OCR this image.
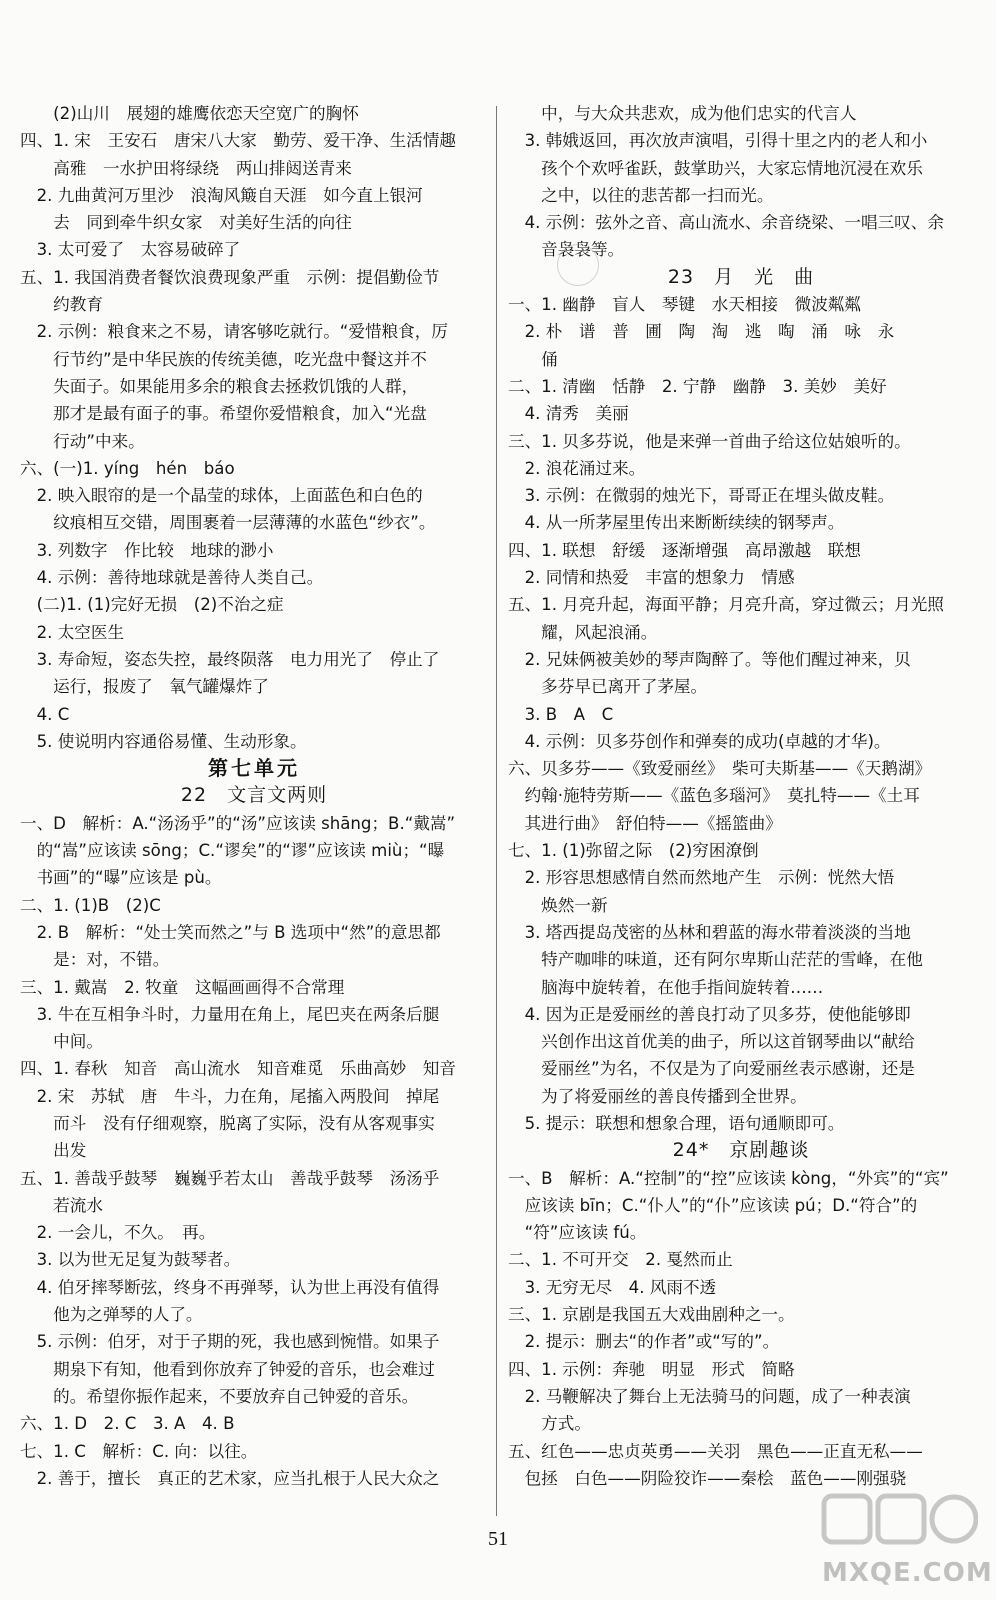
　　(2)山川　展翅的雄鹰依恋天空宽广的胸怀
四、1. 宋　王安石　唐宋八大家　勤劳、爱干净、生活情趣
　　高雅　一水护田将绿绕　两山排闼送青来
　2. 九曲黄河万里沙　浪淘风簸自天涯　如今直上银河
　　去　同到牵牛织女家　对美好生活的向往
　3. 太可爱了　太容易破碎了
五、1. 我国消费者餐饮浪费现象严重　示例：提倡勤俭节
　　约教育
　2. 示例：粮食来之不易，请客够吃就行。“爱惜粮食，厉
　　行节约”是中华民族的传统美德，吃光盘中餐这并不
　　失面子。如果能用多余的粮食去拯救饥饿的人群，
　　那才是最有面子的事。希望你爱惜粮食，加入“光盘
　　行动”中来。
六、(一)1. yíng　hén　báo
　2. 映入眼帘的是一个晶莹的球体，上面蓝色和白色的
　　纹痕相互交错，周围裹着一层薄薄的水蓝色“纱衣”。
　3. 列数字　作比较　地球的渺小
　4. 示例：善待地球就是善待人类自己。
　(二)1. (1)完好无损　(2)不治之症
　2. 太空医生
　3. 寿命短，姿态失控，最终陨落　电力用光了　停止了
　　运行，报废了　氧气罐爆炸了
　4. C
　5. 使说明内容通俗易懂、生动形象。
第七单元
22　文言文两则
一、D　解析：A.“汤汤乎”的“汤”应该读 shāng；B.“戴嵩”
　的“嵩”应该读 sōng；C.“谬矣”的“谬”应该读 miù；“曝
　书画”的“曝”应该是 pù。
二、1. (1)B　(2)C
　2. B　解析：“处士笑而然之”与 B 选项中“然”的意思都
　　是：对，不错。
三、1. 戴嵩　2. 牧童　这幅画画得不合常理
　3. 牛在互相争斗时，力量用在角上，尾巴夹在两条后腿
　　中间。
四、1. 春秋　知音　高山流水　知音难觅　乐曲高妙　知音
　2. 宋　苏轼　唐　牛斗，力在角，尾搐入两股间　掉尾
　　而斗　没有仔细观察，脱离了实际，没有从客观事实
　　出发
五、1. 善哉乎鼓琴　巍巍乎若太山　善哉乎鼓琴　汤汤乎
　　若流水
　2. 一会儿，不久。　再。
　3. 以为世无足复为鼓琴者。
　4. 伯牙摔琴断弦，终身不再弹琴，认为世上再没有值得
　　他为之弹琴的人了。
　5. 示例：伯牙，对于子期的死，我也感到惋惜。如果子
　　期泉下有知，他看到你放弃了钟爱的音乐，也会难过
　　的。希望你振作起来，不要放弃自己钟爱的音乐。
六、1. D　2. C　3. A　4. B
七、1. C　解析：C. 向：以往。
　2. 善于，擅长　真正的艺术家，应当扎根于人民大众之
　　中，与大众共悲欢，成为他们忠实的代言人
　3. 韩娥返回，再次放声演唱，引得十里之内的老人和小
　　孩个个欢呼雀跃，鼓掌助兴，大家忘情地沉浸在欢乐
　　之中，以往的悲苦都一扫而光。
　4. 示例：弦外之音、高山流水、余音绕梁、一唱三叹、余
　　音袅袅等。
23　月　光　曲
一、1. 幽静　盲人　琴键　水天相接　微波粼粼
　2. 朴　谱　普　圃　陶　淘　逃　啕　涌　咏　永
　　俑
二、1. 清幽　恬静　2. 宁静　幽静　3. 美妙　美好
　4. 清秀　美丽
三、1. 贝多芬说，他是来弹一首曲子给这位姑娘听的。
　2. 浪花涌过来。
　3. 示例：在微弱的烛光下，哥哥正在埋头做皮鞋。
　4. 从一所茅屋里传出来断断续续的钢琴声。
四、1. 联想　舒缓　逐渐增强　高昂激越　联想
　2. 同情和热爱　丰富的想象力　情感
五、1. 月亮升起，海面平静；月亮升高，穿过微云；月光照
　　耀，风起浪涌。
　2. 兄妹俩被美妙的琴声陶醉了。等他们醒过神来，贝
　　多芬早已离开了茅屋。
　3. B　A　C
　4. 示例：贝多芬创作和弹奏的成功(卓越的才华)。
六、贝多芬——《致爱丽丝》　柴可夫斯基——《天鹅湖》
　约翰·施特劳斯——《蓝色多瑙河》　莫扎特——《土耳
　其进行曲》　舒伯特——《摇篮曲》
七、1. (1)弥留之际　(2)穷困潦倒
　2. 形容思想感情自然而然地产生　示例：恍然大悟
　　焕然一新
　3. 塔西提岛茂密的丛林和碧蓝的海水带着淡淡的当地
　　特产咖啡的味道，还有阿尔卑斯山茫茫的雪峰，在他
　　脑海中旋转着，在他手指间旋转着……
　4. 因为正是爱丽丝的善良打动了贝多芬，使他能够即
　　兴创作出这首优美的曲子，所以这首钢琴曲以“献给
　　爱丽丝”为名，不仅是为了向爱丽丝表示感谢，还是
　　为了将爱丽丝的善良传播到全世界。
　5. 提示：联想和想象合理，语句通顺即可。
24*　京剧趣谈
一、B　解析：A.“控制”的“控”应该读 kòng，“外宾”的“宾”
　应该读 bīn；C.“仆人”的“仆”应该读 pú；D.“符合”的
　“符”应该读 fú。
二、1. 不可开交　2. 戛然而止
　3. 无穷无尽　4. 风雨不透
三、1. 京剧是我国五大戏曲剧种之一。
　2. 提示：删去“的作者”或“写的”。
四、1. 示例：奔驰　明显　形式　简略
　2. 马鞭解决了舞台上无法骑马的问题，成了一种表演
　　方式。
五、红色——忠贞英勇——关羽　黑色——正直无私——
　包拯　白色——阴险狡诈——秦桧　蓝色——刚强骁
51
MXQE.COM
